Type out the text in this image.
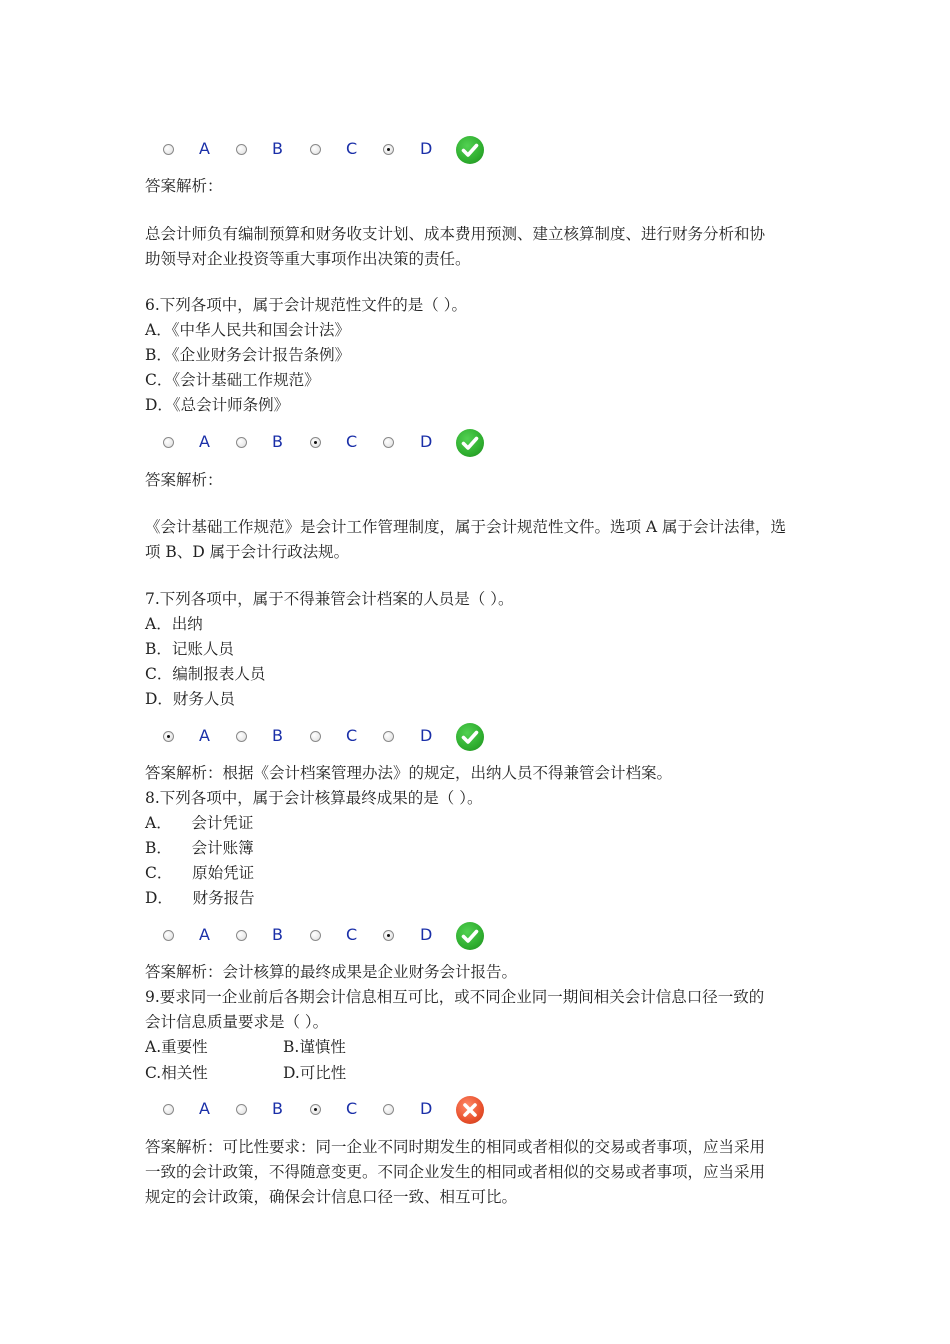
A	B	C	D
答案解析：
总会计师负有编制预算和财务收支计划、成本费用预测、建立核算制度、进行财务分析和协
助领导对企业投资等重大事项作出决策的责任。
6.下列各项中，属于会计规范性文件的是（ ）。
A．《中华人民共和国会计法》
B．《企业财务会计报告条例》
C．《会计基础工作规范》
D．《总会计师条例》
A	B	C	D
答案解析：
《会计基础工作规范》是会计工作管理制度，属于会计规范性文件。选项 A 属于会计法律，选
项 B、D 属于会计行政法规。
7.下列各项中，属于不得兼管会计档案的人员是（ ）。
A．出纳
B．记账人员
C．编制报表人员
D．财务人员
A	B	C	D
答案解析：根据《会计档案管理办法》的规定，出纳人员不得兼管会计档案。
8.下列各项中，属于会计核算最终成果的是（ ）。
A．    会计凭证
B．    会计账簿
C．    原始凭证
D．    财务报告
A	B	C	D
答案解析：会计核算的最终成果是企业财务会计报告。
9.要求同一企业前后各期会计信息相互可比，或不同企业同一期间相关会计信息口径一致的
会计信息质量要求是（ ）。
A.重要性	B.谨慎性
C.相关性	D.可比性
A	B	C	D
答案解析：可比性要求：同一企业不同时期发生的相同或者相似的交易或者事项，应当采用
一致的会计政策，不得随意变更。不同企业发生的相同或者相似的交易或者事项，应当采用
规定的会计政策，确保会计信息口径一致、相互可比。
